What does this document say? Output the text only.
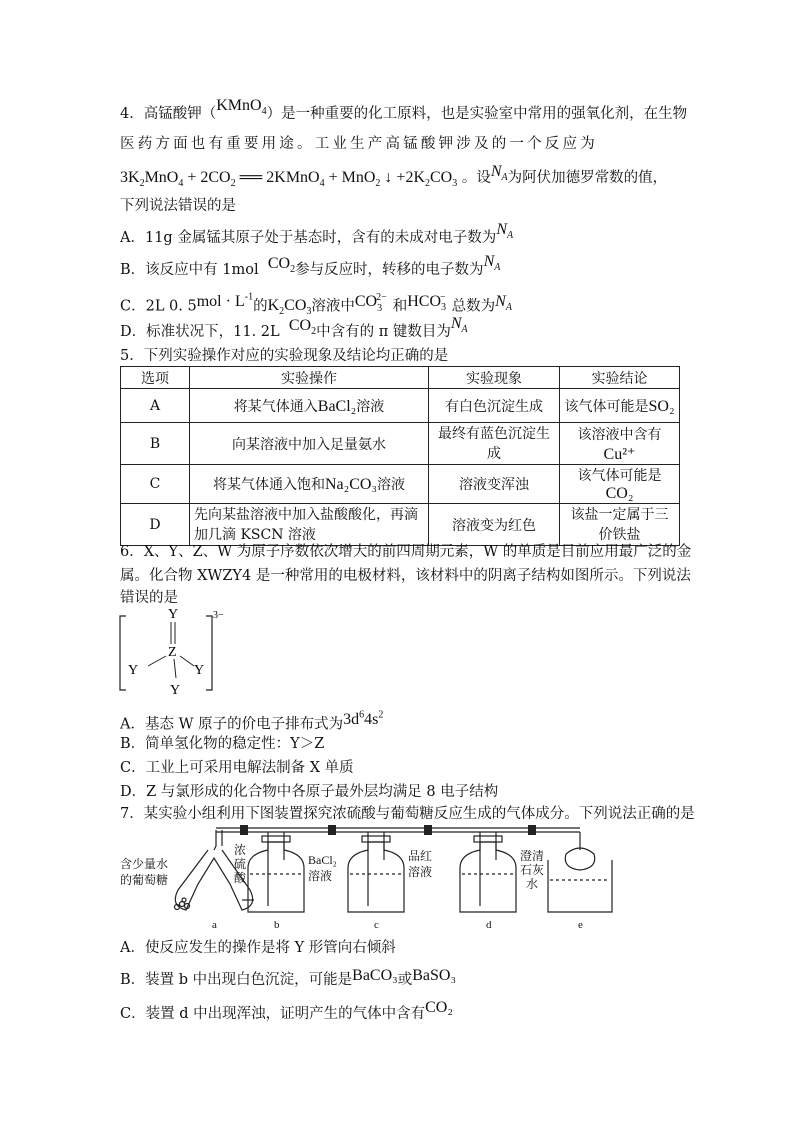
4．高锰酸钾（KMnO$_4$）是一种重要的化工原料，也是实验室中常用的强氧化剂，在生物
医药方面也有重要用途。工业生产高锰酸钾涉及的一个反应为
$3K_2MnO_4 + 2CO_2$ ══ 2KMnO$_4$ + MnO$_2$ ↓ $+2K_2CO_3$ 。设$N_A$为阿伏加德罗常数的值，
下列说法错误的是
A．11g 金属锰其原子处于基态时，含有的未成对电子数为$N_A$
B．该反应中有 1mol $CO_2$参与反应时，转移的电子数为$N_A$
C．2L 0. $5mol \cdot L^{-1}$的$K_2CO_3$溶液中$CO_3^{2-}$和$HCO_3^-$总数为$N_A$
D．标准状况下，11. 2L $CO_2$中含有的 π 键数目为$N_A$
5．下列实验操作对应的实验现象及结论均正确的是
选项	实验操作	实验现象	实验结论
A	将某气体通入BaCl₂溶液	有白色沉淀生成	该气体可能是SO₂
B	向某溶液中加入足量氨水	最终有蓝色沉淀生成	该溶液中含有Cu²⁺
C	将某气体通入饱和Na₂CO₃溶液	溶液变浑浊	该气体可能是CO₂
D	先向某盐溶液中加入盐酸酸化，再滴加几滴 KSCN 溶液	溶液变为红色	该盐一定属于三价铁盐
6．X、Y、Z、W 为原子序数依次增大的前四周期元素，W 的单质是目前应用最广泛的金
属。化合物 XWZY4 是一种常用的电极材料，该材料中的阴离子结构如图所示。下列说法
错误的是
Y
Z
Y	Y
Y
3−
A．基态 W 原子的价电子排布式为$3d^64s^2$
B．简单氢化物的稳定性：Y＞Z
C．工业上可采用电解法制备 X 单质
D．Z 与氯形成的化合物中各原子最外层均满足 8 电子结构
7．某实验小组利用下图装置探究浓硫酸与葡萄糖反应生成的气体成分。下列说法正确的是
含少量水
的葡萄糖
浓
硫
酸
BaCl₂
溶液
品红
溶液
澄清
石灰
水
a	b	c	d	e
A．使反应发生的操作是将 Y 形管向右倾斜
B．装置 b 中出现白色沉淀，可能是BaCO₃或BaSO₃
C．装置 d 中出现浑浊，证明产生的气体中含有CO₂
